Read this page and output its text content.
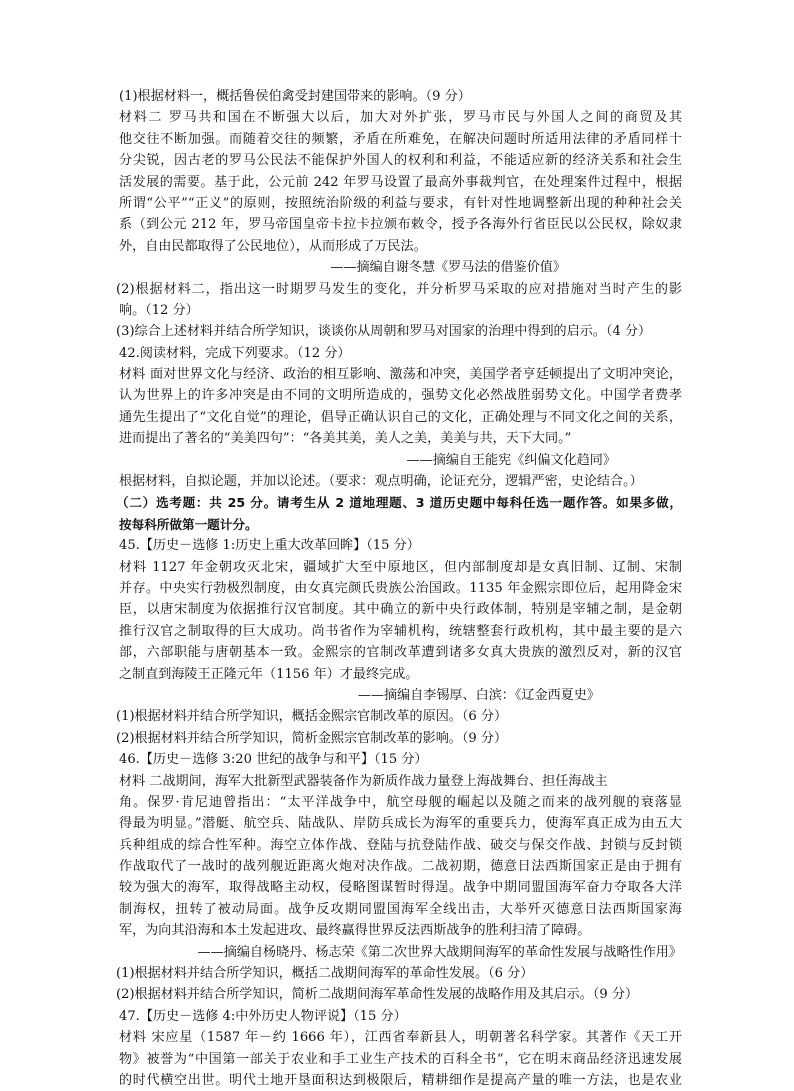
(1)根据材料一，概括鲁侯伯禽受封建国带来的影响。（9 分）
材料二 罗马共和国在不断强大以后，加大对外扩张，罗马市民与外国人之间的商贸及其
他交往不断加强。而随着交往的频繁，矛盾在所难免，在解决问题时所适用法律的矛盾同样十
分尖锐，因古老的罗马公民法不能保护外国人的权利和利益，不能适应新的经济关系和社会生
活发展的需要。基于此，公元前 242 年罗马设置了最高外事裁判官，在处理案件过程中，根据
所谓“公平”“正义”的原则，按照统治阶级的利益与要求，有针对性地调整新出现的种种社会关
系（到公元 212 年，罗马帝国皇帝卡拉卡拉颁布敕令，授予各海外行省臣民以公民权，除奴隶
外，自由民都取得了公民地位），从而形成了万民法。
——摘编自谢冬慧《罗马法的借鉴价值》
(2)根据材料二，指出这一时期罗马发生的变化，并分析罗马采取的应对措施对当时产生的影
响。（12 分）
(3)综合上述材料并结合所学知识，谈谈你从周朝和罗马对国家的治理中得到的启示。（4 分）
42.阅读材料，完成下列要求。（12 分）
材料 面对世界文化与经济、政治的相互影响、激荡和冲突，美国学者亨廷顿提出了文明冲突论，
认为世界上的许多冲突是由不同的文明所造成的，强势文化必然战胜弱势文化。中国学者费孝
通先生提出了“文化自觉”的理论，倡导正确认识自己的文化，正确处理与不同文化之间的关系，
进而提出了著名的“美美四句”：“各美其美，美人之美，美美与共，天下大同。”
——摘编自王能宪《纠偏文化趋同》
根据材料，自拟论题，并加以论述。（要求：观点明确，论证充分，逻辑严密，史论结合。）
（二）选考题：共 25 分。请考生从 2 道地理题、3 道历史题中每科任选一题作答。如果多做，
按每科所做第一题计分。
45.【历史－选修 1:历史上重大改革回眸】（15 分）
材料 1127 年金朝攻灭北宋，疆域扩大至中原地区，但内部制度却是女真旧制、辽制、宋制
并存。中央实行勃极烈制度，由女真完颜氏贵族公治国政。1135 年金熙宗即位后，起用降金宋
臣，以唐宋制度为依据推行汉官制度。其中确立的新中央行政体制，特别是宰辅之制，是金朝
推行汉官之制取得的巨大成功。尚书省作为宰辅机构，统辖整套行政机构，其中最主要的是六
部，六部职能与唐朝基本一致。金熙宗的官制改革遭到诸多女真大贵族的激烈反对，新的汉官
之制直到海陵王正隆元年（1156 年）才最终完成。
——摘编自李锡厚、白滨：《辽金西夏史》
(1)根据材料并结合所学知识，概括金熙宗官制改革的原因。（6 分）
(2)根据材料并结合所学知识，简析金熙宗官制改革的影响。（9 分）
46.【历史－选修 3:20 世纪的战争与和平】（15 分）
材料 二战期间，海军大批新型武器装备作为新质作战力量登上海战舞台、担任海战主
角。保罗·肯尼迪曾指出：“太平洋战争中，航空母舰的崛起以及随之而来的战列舰的衰落显
得最为明显。”潜艇、航空兵、陆战队、岸防兵成长为海军的重要兵力，使海军真正成为由五大
兵种组成的综合性军种。海空立体作战、登陆与抗登陆作战、破交与保交作战、封锁与反封锁
作战取代了一战时的战列舰近距离火炮对决作战。二战初期，德意日法西斯国家正是由于拥有
较为强大的海军，取得战略主动权，侵略图谋暂时得逞。战争中期同盟国海军奋力夺取各大洋
制海权，扭转了被动局面。战争反攻期同盟国海军全线出击，大举歼灭德意日法西斯国家海
军，为向其沿海和本土发起进攻、最终赢得世界反法西斯战争的胜利扫清了障碍。
——摘编自杨晓丹、杨志荣《第二次世界大战期间海军的革命性发展与战略性作用》
(1)根据材料并结合所学知识，概括二战期间海军的革命性发展。（6 分）
(2)根据材料并结合所学知识，简析二战期间海军革命性发展的战略作用及其启示。（9 分）
47.【历史－选修 4:中外历史人物评说】（15 分）
材料 宋应星（1587 年－约 1666 年），江西省奉新县人，明朝著名科学家。其著作《天工开
物》被誉为“中国第一部关于农业和手工业生产技术的百科全书”，它在明末商品经济迅速发展
的时代横空出世。明代土地开垦面积达到极限后，精耕细作是提高产量的唯一方法，也是农业
